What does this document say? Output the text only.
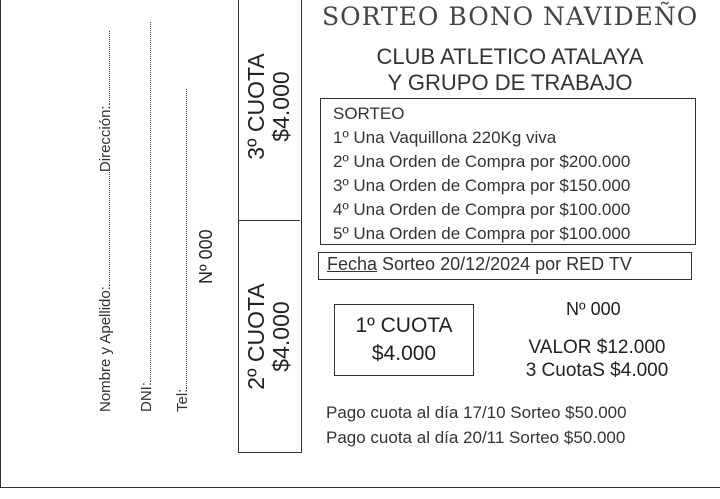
Nombre y Apellido:Dirección:
DNI: Tel:
Nº 000
3º CUOTA $4.000
2º CUOTA $4.000
SORTEO BONO NAVIDEÑO
CLUB ATLETICO ATALAYA
Y GRUPO DE TRABAJO
SORTEO
1º Una Vaquillona 220Kg viva
2º Una Orden de Compra por $200.000
3º Una Orden de Compra por $150.000
4º Una Orden de Compra por $100.000
5º Una Orden de Compra por $100.000
Fecha Sorteo 20/12/2024 por RED TV
1º CUOTA
$4.000
Nº 000
VALOR $12.000
3 CuotaS $4.000
Pago cuota al día 17/10 Sorteo $50.000
Pago cuota al día 20/11 Sorteo $50.000
